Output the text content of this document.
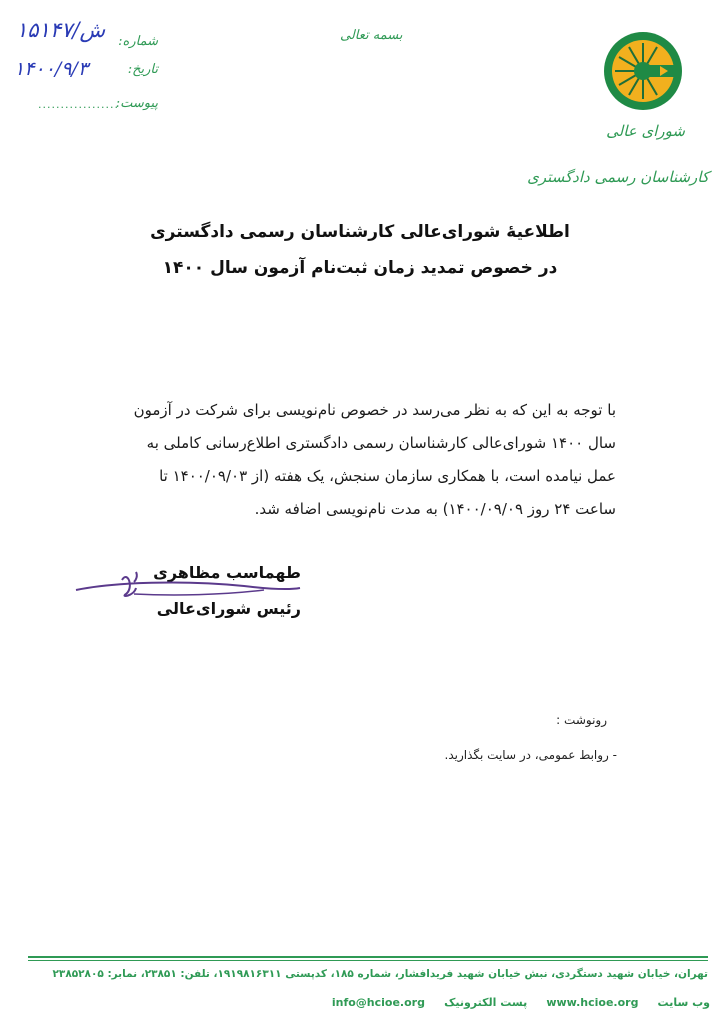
۱۵۱۴۷/ش شماره:
۱۴۰۰/۹/۳	تاریخ:
..................
پیوست:
بسمه تعالی
شورای عالی
کارشناسان رسمی دادگستری
اطلاعیهٔ شورای‌عالی کارشناسان رسمی دادگستری
در خصوص تمدید زمان ثبت‌نام آزمون سال ۱۴۰۰
با توجه به این که به نظر می‌رسد در خصوص نام‌نویسی برای شرکت در آزمون
سال ۱۴۰۰ شورای‌عالی کارشناسان رسمی دادگستری اطلاع‌رسانی کاملی به
عمل نیامده است، با همکاری سازمان سنجش، یک هفته (از ۱۴۰۰/۰۹/۰۳ تا
ساعت ۲۴ روز ۱۴۰۰/۰۹/۰۹) به مدت نام‌نویسی اضافه شد.
طهماسب مظاهری
رئیس شورای‌عالی
رونوشت :
- روابط عمومی، در سایت بگذارید.
تهران، خیابان شهید دستگردی، نبش خیابان شهید فریدافشار، شماره ۱۸۵، کدپستی ۱۹۱۹۸۱۶۳۱۱، تلفن: ۲۳۸۵۱، نمابر: ۲۳۸۵۲۸۰۵
وب سایت www.hcioe.org پست الکترونیک info@hcioe.org
